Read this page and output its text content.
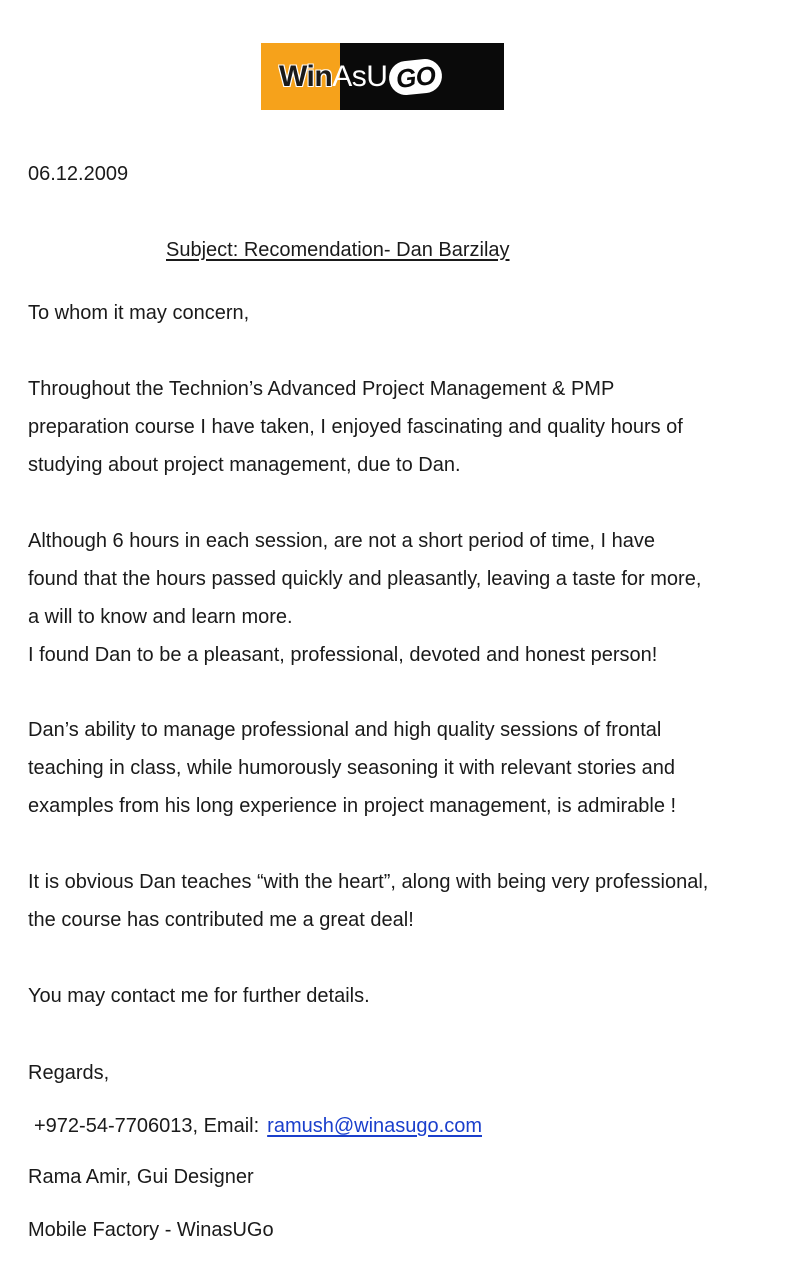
WinAsU GO
06.12.2009
Subject: Recomendation- Dan Barzilay
To whom it may concern,
Throughout the Technion’s Advanced Project Management & PMP
preparation course I have taken, I enjoyed fascinating and quality hours of
studying about project management, due to Dan.
Although 6 hours in each session, are not a short period of time, I have
found that the hours passed quickly and pleasantly, leaving a taste for more,
a will to know and learn more.
I found Dan to be a pleasant, professional, devoted and honest person!
Dan’s ability to manage professional and high quality sessions of frontal
teaching in class, while humorously seasoning it with relevant stories and
examples from his long experience in project management, is admirable !
It is obvious Dan teaches “with the heart”, along with being very professional,
the course has contributed me a great deal!
You may contact me for further details.
Regards,
+972-54-7706013, Email: ramush@winasugo.com
Rama Amir, Gui Designer
Mobile Factory - WinasUGo
